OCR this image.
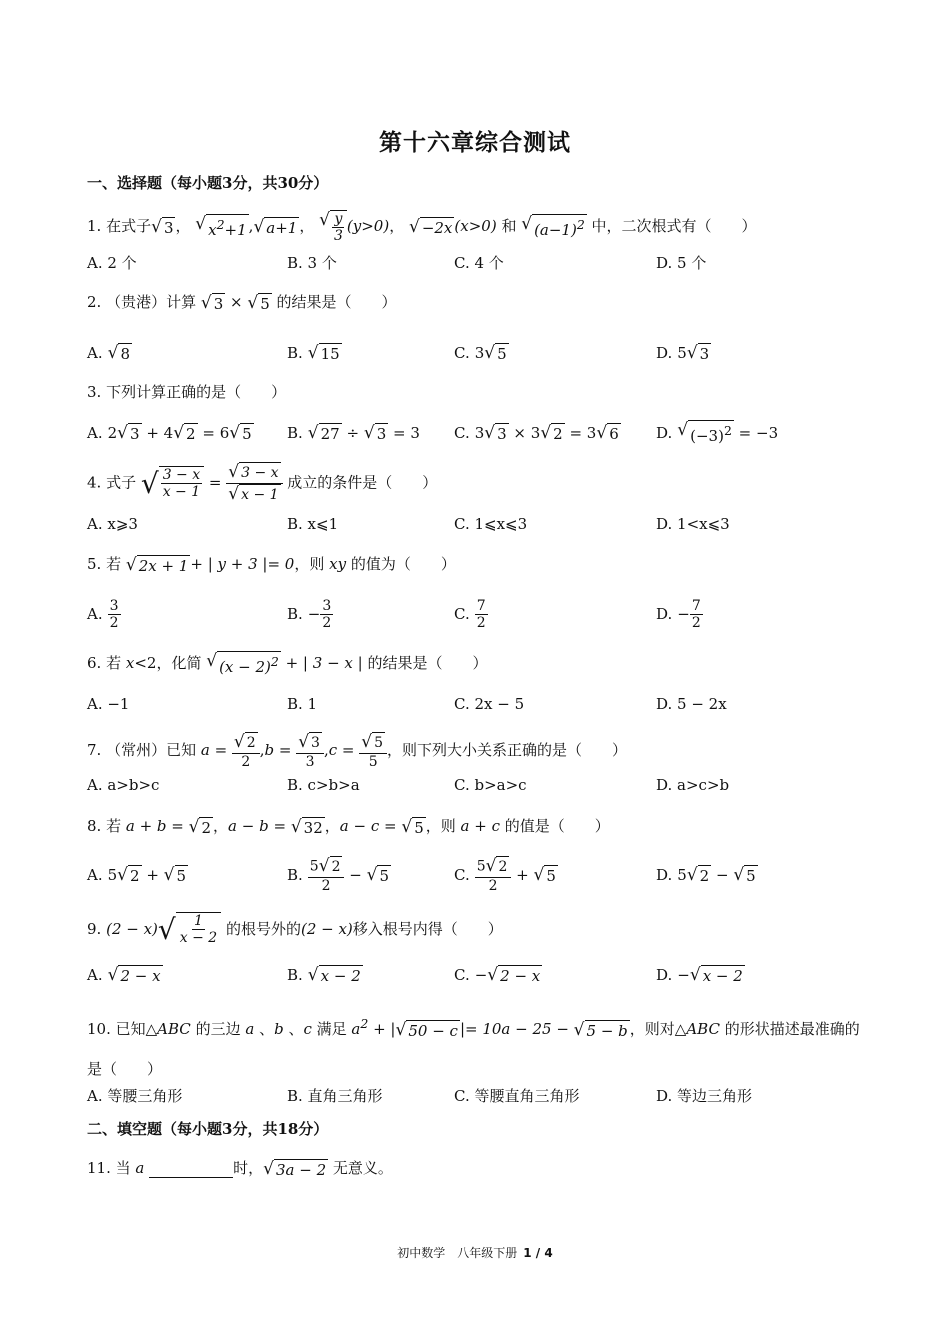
第十六章综合测试
一、选择题（每小题3分，共30分）
1. 在式子 √ 3 ， √ $x^2+1$ , √ a+1 ， √ $\frac{y}{3} (y>0)$， √ −2x (x>0) 和 √ $(a-1)^2$ 中，二次根式有（　　）
A. 2 个	B. 3 个	C. 4 个	D. 5 个
2. （贵港）计算 √ 3 × √ 5 的结果是（　　）
A. √ 8	B. √ 15	C. 3 √ 5	D. 5 √ 3
3. 下列计算正确的是（　　）
A. 2 √ 3 + 4 √ 2 = 6 √ 5 B. √ 27 ÷ √ 3 = 3 C. 3 √ 3 × 3 √ 2 = 3 √ 6 D. √ $(-3)^2 = -3$
4. 式子 √ $\frac{3 - x}{x - 1} = \frac{√ 3 - x}{√ x - 1}$ 成立的条件是（　　）
A. x⩾3	B. x⩽1	C. 1⩽x⩽3	D. 1<x⩽3
5. 若 √ 2x + 1 + | y + 3 |= 0，则 xy 的值为（　　）
A. $\frac{3}{2}$	B. − $\frac{3}{2}$	C. $\frac{7}{2}$	D. − $\frac{7}{2}$
6. 若 x<2，化简 √ $(x - 2)^2$ + | 3 − x | 的结果是（　　）
A. −1	B. 1	C. 2x − 5	D. 5 − 2x
7. （常州）已知 $a = \frac{√ 2}{2} ,b = \frac{√ 3}{3} ,c = \frac{√ 5}{5}$ ，则下列大小关系正确的是（　　）
A. a>b>c	B. c>b>a	C. b>a>c	D. a>c>b
8. 若 a + b = √ 2 ，a − b = √ 32 ，a − c = √ 5 ，则 a + c 的值是（　　）
A. 5 √ 2 + √ 5	B. $\frac{5 √ 2}{2}$ − √ 5	C. $\frac{5 √ 2}{2}$ + √ 5	D. 5 √ 2 − √ 5
9. (2 − x) √ $\frac{1}{x - 2}$ 的根号外的(2 − x)移入根号内得（　　）
A. √ 2 − x	B. √ x − 2	C. − √ 2 − x	D. − √ x − 2
10. 已知△ABC 的三边 a 、b 、c 满足 $a^2$ + | √ 50 − c |= 10a − 25 − √ 5 − b ，则对△ABC 的形状描述最准确的是（　　）
A. 等腰三角形	B. 直角三角形	C. 等腰直角三角形	D. 等边三角形
二、填空题（每小题3分，共18分）
11. 当 a	时， √ 3a − 2 无意义。
初中数学　八年级下册 1 / 4
